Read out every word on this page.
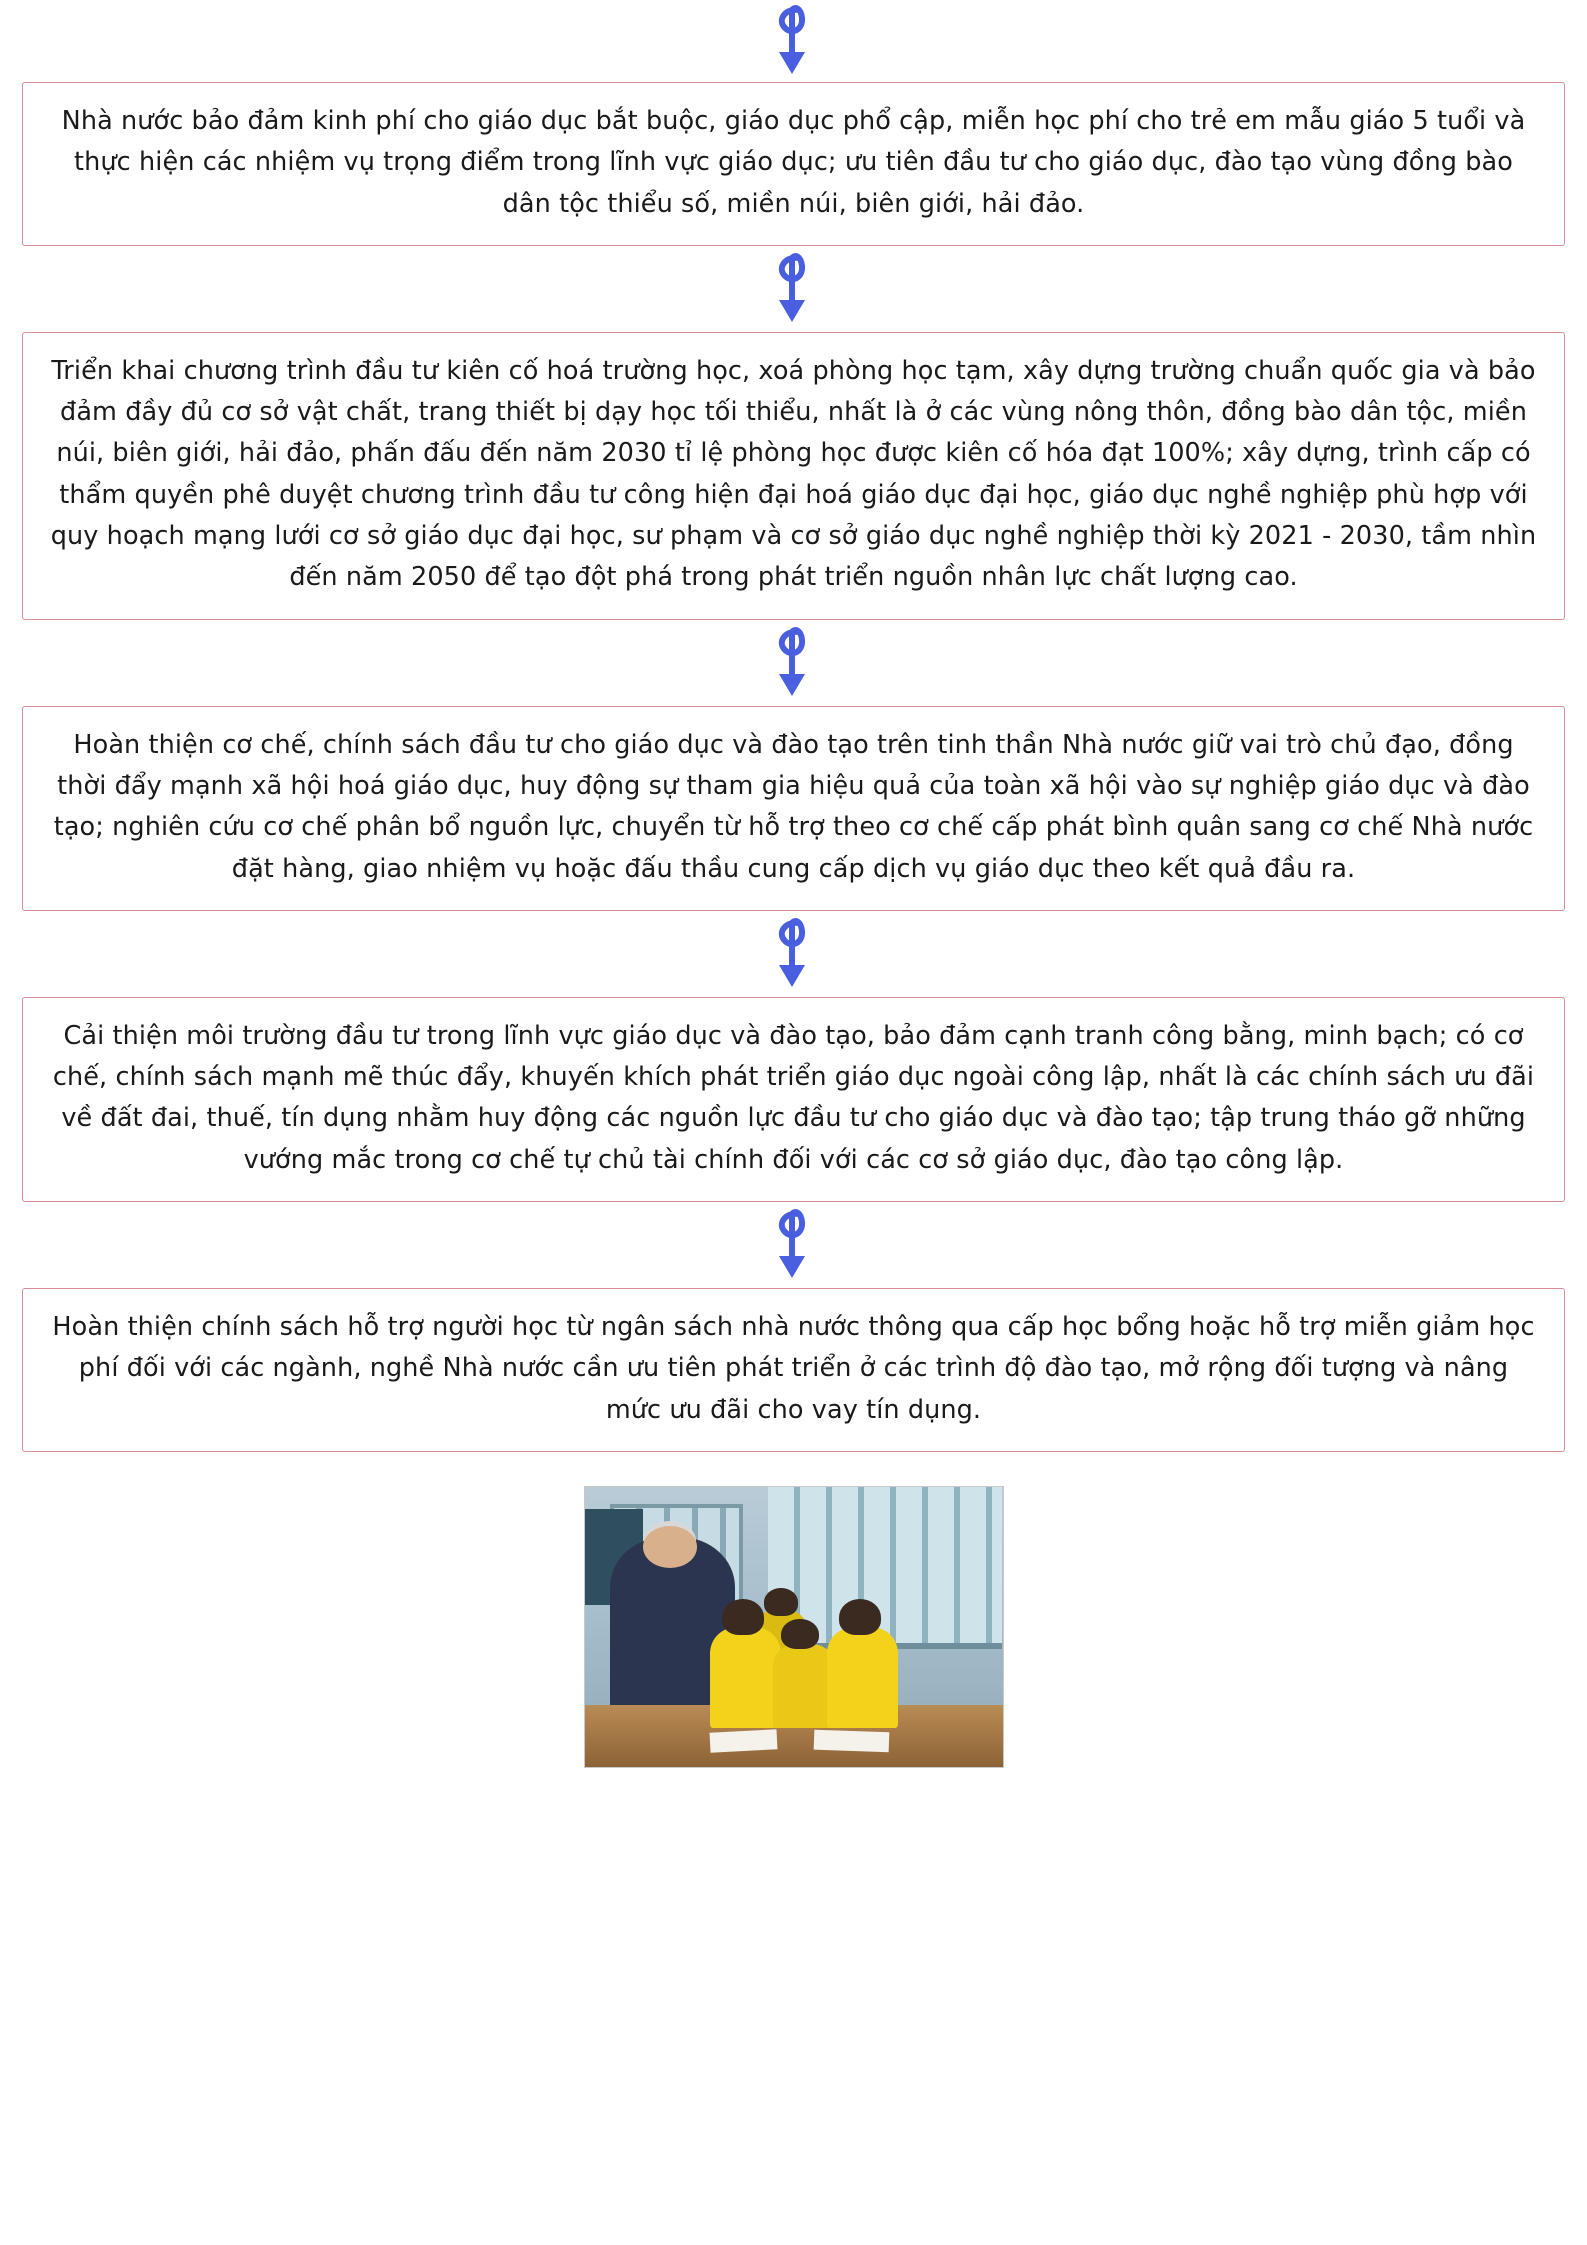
Nhà nước bảo đảm kinh phí cho giáo dục bắt buộc, giáo dục phổ cập, miễn học phí cho trẻ em mẫu giáo 5 tuổi và thực hiện các nhiệm vụ trọng điểm trong lĩnh vực giáo dục; ưu tiên đầu tư cho giáo dục, đào tạo vùng đồng bào dân tộc thiểu số, miền núi, biên giới, hải đảo.

Triển khai chương trình đầu tư kiên cố hoá trường học, xoá phòng học tạm, xây dựng trường chuẩn quốc gia và bảo đảm đầy đủ cơ sở vật chất, trang thiết bị dạy học tối thiểu, nhất là ở các vùng nông thôn, đồng bào dân tộc, miền núi, biên giới, hải đảo, phấn đấu đến năm 2030 tỉ lệ phòng học được kiên cố hóa đạt 100%; xây dựng, trình cấp có thẩm quyền phê duyệt chương trình đầu tư công hiện đại hoá giáo dục đại học, giáo dục nghề nghiệp phù hợp với quy hoạch mạng lưới cơ sở giáo dục đại học, sư phạm và cơ sở giáo dục nghề nghiệp thời kỳ 2021 - 2030, tầm nhìn đến năm 2050 để tạo đột phá trong phát triển nguồn nhân lực chất lượng cao.

Hoàn thiện cơ chế, chính sách đầu tư cho giáo dục và đào tạo trên tinh thần Nhà nước giữ vai trò chủ đạo, đồng thời đẩy mạnh xã hội hoá giáo dục, huy động sự tham gia hiệu quả của toàn xã hội vào sự nghiệp giáo dục và đào tạo; nghiên cứu cơ chế phân bổ nguồn lực, chuyển từ hỗ trợ theo cơ chế cấp phát bình quân sang cơ chế Nhà nước đặt hàng, giao nhiệm vụ hoặc đấu thầu cung cấp dịch vụ giáo dục theo kết quả đầu ra.

Cải thiện môi trường đầu tư trong lĩnh vực giáo dục và đào tạo, bảo đảm cạnh tranh công bằng, minh bạch; có cơ chế, chính sách mạnh mẽ thúc đẩy, khuyến khích phát triển giáo dục ngoài công lập, nhất là các chính sách ưu đãi về đất đai, thuế, tín dụng nhằm huy động các nguồn lực đầu tư cho giáo dục và đào tạo; tập trung tháo gỡ những vướng mắc trong cơ chế tự chủ tài chính đối với các cơ sở giáo dục, đào tạo công lập.

Hoàn thiện chính sách hỗ trợ người học từ ngân sách nhà nước thông qua cấp học bổng hoặc hỗ trợ miễn giảm học phí đối với các ngành, nghề Nhà nước cần ưu tiên phát triển ở các trình độ đào tạo, mở rộng đối tượng và nâng mức ưu đãi cho vay tín dụng.
